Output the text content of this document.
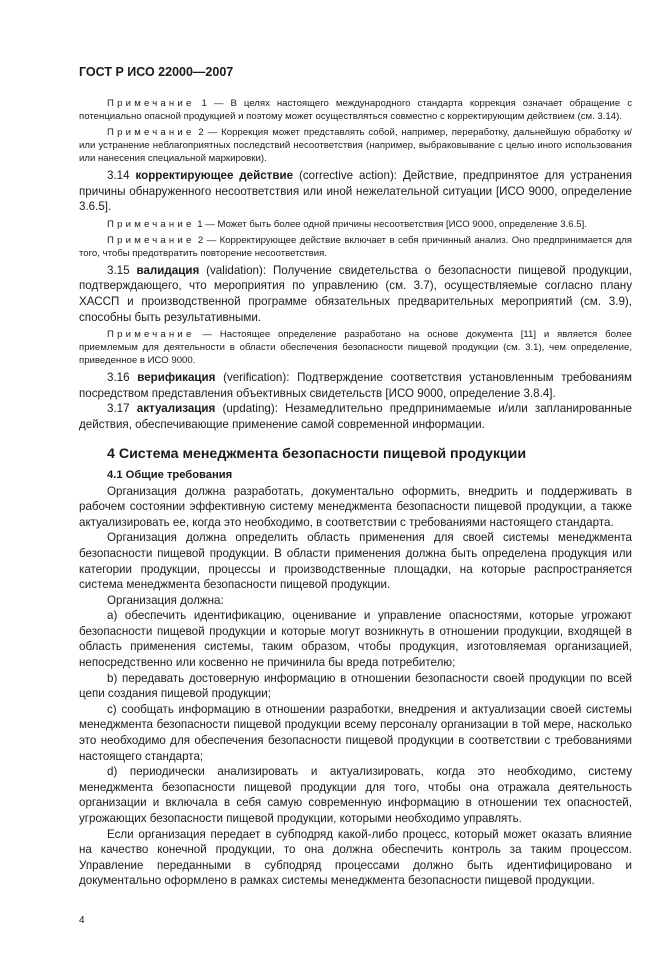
ГОСТ Р ИСО 22000—2007

Примечание 1 — В целях настоящего международного стандарта коррекция означает обращение с потенциально опасной продукцией и поэтому может осуществляться совместно с корректирующим действием (см. 3.14).

Примечание 2 — Коррекция может представлять собой, например, переработку, дальнейшую обработку и/или устранение неблагоприятных последствий несоответствия (например, выбраковывание с целью иного использования или нанесения специальной маркировки).

3.14 корректирующее действие (corrective action): Действие, предпринятое для устранения причины обнаруженного несоответствия или иной нежелательной ситуации [ИСО 9000, определение 3.6.5].

Примечание 1 — Может быть более одной причины несоответствия [ИСО 9000, определение 3.6.5].

Примечание 2 — Корректирующее действие включает в себя причинный анализ. Оно предпринимается для того, чтобы предотвратить повторение несоответствия.

3.15 валидация (validation): Получение свидетельства о безопасности пищевой продукции, подтверждающего, что мероприятия по управлению (см. 3.7), осуществляемые согласно плану ХАССП и производственной программе обязательных предварительных мероприятий (см. 3.9), способны быть результативными.

Примечание — Настоящее определение разработано на основе документа [11] и является более приемлемым для деятельности в области обеспечения безопасности пищевой продукции (см. 3.1), чем определение, приведенное в ИСО 9000.

3.16 верификация (verification): Подтверждение соответствия установленным требованиям посредством представления объективных свидетельств [ИСО 9000, определение 3.8.4].

3.17 актуализация (updating): Незамедлительно предпринимаемые и/или запланированные действия, обеспечивающие применение самой современной информации.

4 Система менеджмента безопасности пищевой продукции

4.1 Общие требования

Организация должна разработать, документально оформить, внедрить и поддерживать в рабочем состоянии эффективную систему менеджмента безопасности пищевой продукции, а также актуализировать ее, когда это необходимо, в соответствии с требованиями настоящего стандарта.

Организация должна определить область применения для своей системы менеджмента безопасности пищевой продукции. В области применения должна быть определена продукция или категории продукции, процессы и производственные площадки, на которые распространяется система менеджмента безопасности пищевой продукции.

Организация должна:

a) обеспечить идентификацию, оценивание и управление опасностями, которые угрожают безопасности пищевой продукции и которые могут возникнуть в отношении продукции, входящей в область применения системы, таким образом, чтобы продукция, изготовляемая организацией, непосредственно или косвенно не причинила бы вреда потребителю;

b) передавать достоверную информацию в отношении безопасности своей продукции по всей цепи создания пищевой продукции;

c) сообщать информацию в отношении разработки, внедрения и актуализации своей системы менеджмента безопасности пищевой продукции всему персоналу организации в той мере, насколько это необходимо для обеспечения безопасности пищевой продукции в соответствии с требованиями настоящего стандарта;

d) периодически анализировать и актуализировать, когда это необходимо, систему менеджмента безопасности пищевой продукции для того, чтобы она отражала деятельность организации и включала в себя самую современную информацию в отношении тех опасностей, угрожающих безопасности пищевой продукции, которыми необходимо управлять.

Если организация передает в субподряд какой-либо процесс, который может оказать влияние на качество конечной продукции, то она должна обеспечить контроль за таким процессом. Управление переданными в субподряд процессами должно быть идентифицировано и документально оформлено в рамках системы менеджмента безопасности пищевой продукции.

4
